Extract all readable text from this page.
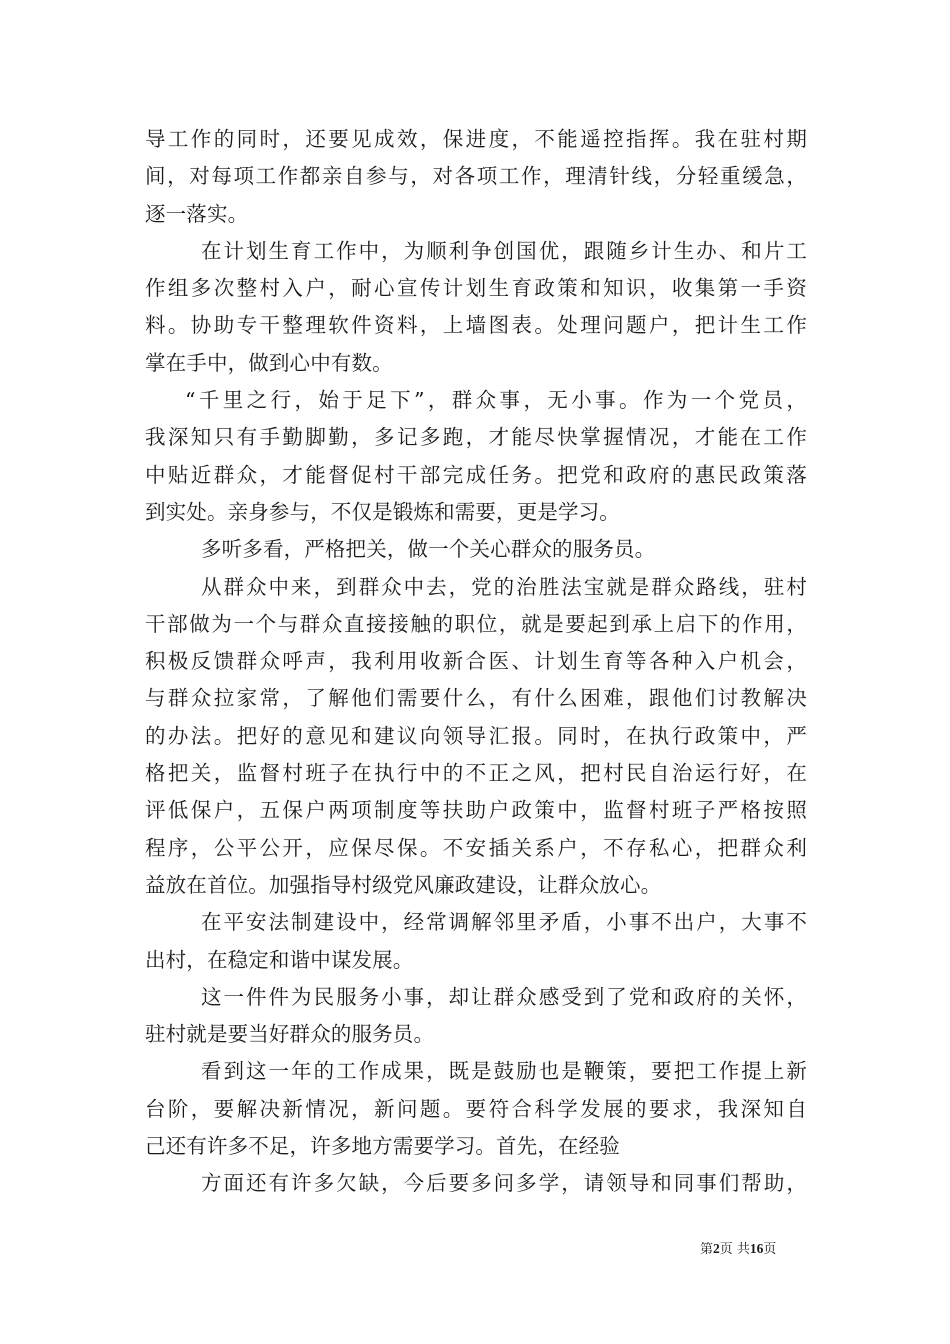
导工作的同时，还要见成效，保进度，不能遥控指挥。我在驻村期
间，对每项工作都亲自参与，对各项工作，理清针线，分轻重缓急，
逐一落实。
在计划生育工作中，为顺利争创国优，跟随乡计生办、和片工
作组多次整村入户，耐心宣传计划生育政策和知识，收集第一手资
料。协助专干整理软件资料，上墙图表。处理问题户，把计生工作
掌在手中，做到心中有数。
“千里之行，始于足下”，群众事，无小事。作为一个党员，
我深知只有手勤脚勤，多记多跑，才能尽快掌握情况，才能在工作
中贴近群众，才能督促村干部完成任务。把党和政府的惠民政策落
到实处。亲身参与，不仅是锻炼和需要，更是学习。
多听多看，严格把关，做一个关心群众的服务员。
从群众中来，到群众中去，党的治胜法宝就是群众路线，驻村
干部做为一个与群众直接接触的职位，就是要起到承上启下的作用，
积极反馈群众呼声，我利用收新合医、计划生育等各种入户机会，
与群众拉家常，了解他们需要什么，有什么困难，跟他们讨教解决
的办法。把好的意见和建议向领导汇报。同时，在执行政策中，严
格把关，监督村班子在执行中的不正之风，把村民自治运行好，在
评低保户，五保户两项制度等扶助户政策中，监督村班子严格按照
程序，公平公开，应保尽保。不安插关系户，不存私心，把群众利
益放在首位。加强指导村级党风廉政建设，让群众放心。
在平安法制建设中，经常调解邻里矛盾，小事不出户，大事不
出村，在稳定和谐中谋发展。
这一件件为民服务小事，却让群众感受到了党和政府的关怀，
驻村就是要当好群众的服务员。
看到这一年的工作成果，既是鼓励也是鞭策，要把工作提上新
台阶，要解决新情况，新问题。要符合科学发展的要求，我深知自
己还有许多不足，许多地方需要学习。首先，在经验
方面还有许多欠缺，今后要多问多学，请领导和同事们帮助，
第2页 共16页
